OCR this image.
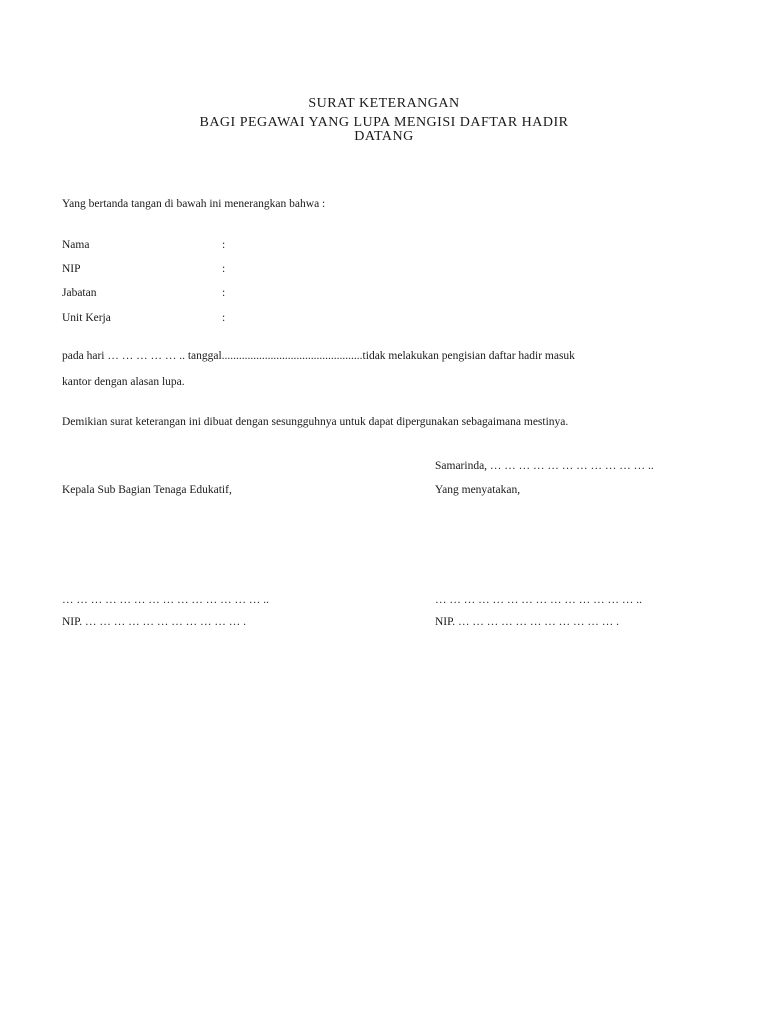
SURAT KETERANGAN
BAGI PEGAWAI YANG LUPA MENGISI DAFTAR HADIR
DATANG
Yang bertanda tangan di bawah ini menerangkan bahwa :
Nama	:
NIP	:
Jabatan	:
Unit Kerja	:
pada hari … … … … … .. tanggal.................................................tidak melakukan pengisian daftar hadir masuk
kantor dengan alasan lupa.
Demikian surat keterangan ini dibuat dengan sesungguhnya untuk dapat dipergunakan sebagaimana mestinya.
Samarinda, … … … … … … … … … … … ..
Kepala Sub Bagian Tenaga Edukatif,	Yang menyatakan,
… … … … … … … … … … … … … … ..	… … … … … … … … … … … … … … ..
NIP. … … … … … … … … … … … .	NIP. … … … … … … … … … … … .
